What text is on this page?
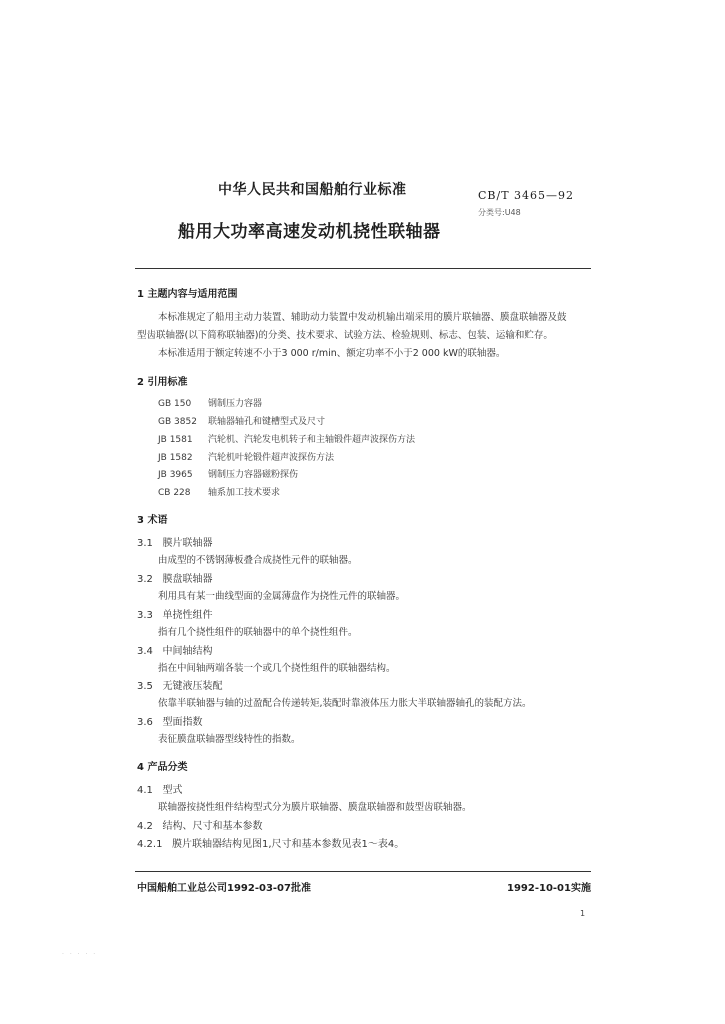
中华人民共和国船舶行业标准	CB/T 3465—92
分类号:U48
船用大功率高速发动机挠性联轴器
1 主题内容与适用范围
本标准规定了船用主动力装置、辅助动力装置中发动机输出端采用的膜片联轴器、膜盘联轴器及鼓
型齿联轴器(以下简称联轴器)的分类、技术要求、试验方法、检验规则、标志、包装、运输和贮存。
本标准适用于额定转速不小于3 000 r/min、额定功率不小于2 000 kW的联轴器。
2 引用标准
GB 150 钢制压力容器
GB 3852 联轴器轴孔和键槽型式及尺寸
JB 1581 汽轮机、汽轮发电机转子和主轴锻件超声波探伤方法
JB 1582 汽轮机叶轮锻件超声波探伤方法
JB 3965 钢制压力容器磁粉探伤
CB 228 轴系加工技术要求
3 术语
3.1 膜片联轴器
由成型的不锈钢薄板叠合成挠性元件的联轴器。
3.2 膜盘联轴器
利用具有某一曲线型面的金属薄盘作为挠性元件的联轴器。
3.3 单挠性组件
指有几个挠性组件的联轴器中的单个挠性组件。
3.4 中间轴结构
指在中间轴两端各装一个或几个挠性组件的联轴器结构。
3.5 无键液压装配
依靠半联轴器与轴的过盈配合传递转矩,装配时靠液体压力胀大半联轴器轴孔的装配方法。
3.6 型面指数
表征膜盘联轴器型线特性的指数。
4 产品分类
4.1 型式
联轴器按挠性组件结构型式分为膜片联轴器、膜盘联轴器和鼓型齿联轴器。
4.2 结构、尺寸和基本参数
4.2.1 膜片联轴器结构见图1,尺寸和基本参数见表1～表4。
中国船舶工业总公司1992-03-07批准	1992-10-01实施
1
· · · · ·
